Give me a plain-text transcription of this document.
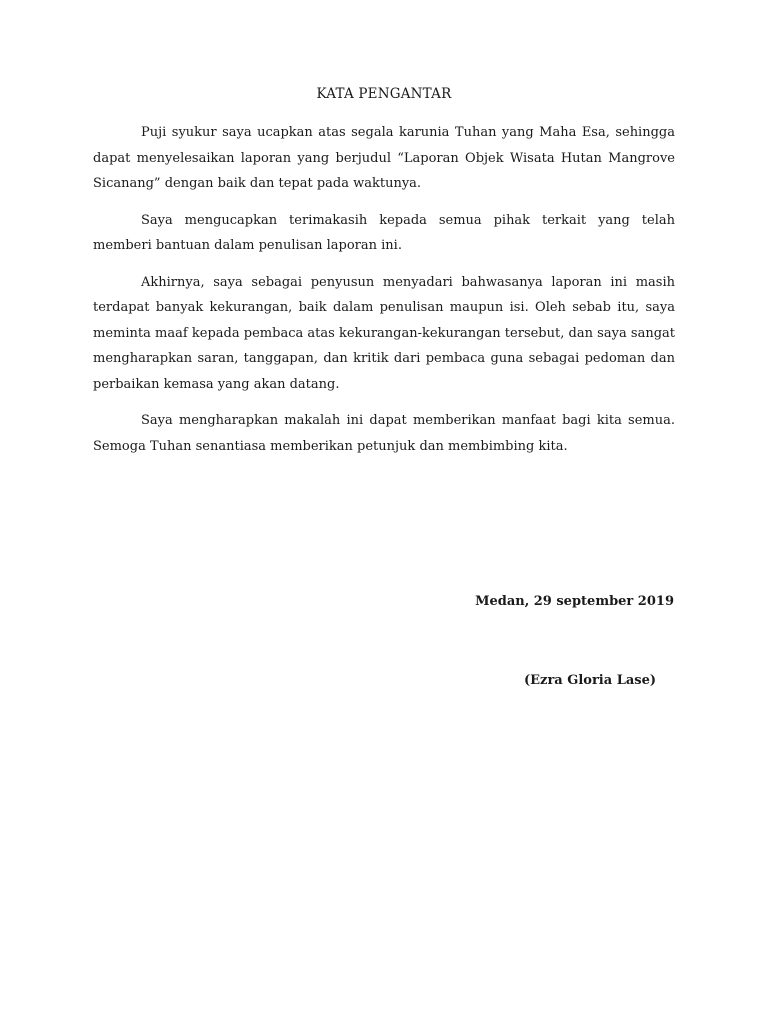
KATA PENGANTAR

Puji syukur saya ucapkan atas segala karunia Tuhan yang Maha Esa, sehingga dapat menyelesaikan laporan yang berjudul “Laporan Objek Wisata Hutan Mangrove Sicanang” dengan baik dan tepat pada waktunya.

Saya mengucapkan terimakasih kepada semua pihak terkait yang telah memberi bantuan dalam penulisan laporan ini.

Akhirnya, saya sebagai penyusun menyadari bahwasanya laporan ini masih terdapat banyak kekurangan, baik dalam penulisan maupun isi. Oleh sebab itu, saya meminta maaf kepada pembaca atas kekurangan-kekurangan tersebut, dan saya sangat mengharapkan saran, tanggapan, dan kritik dari pembaca guna sebagai pedoman dan perbaikan kemasa yang akan datang.

Saya mengharapkan makalah ini dapat memberikan manfaat bagi kita semua. Semoga Tuhan senantiasa memberikan petunjuk dan membimbing kita.

Medan, 29 september 2019
(Ezra Gloria Lase)
